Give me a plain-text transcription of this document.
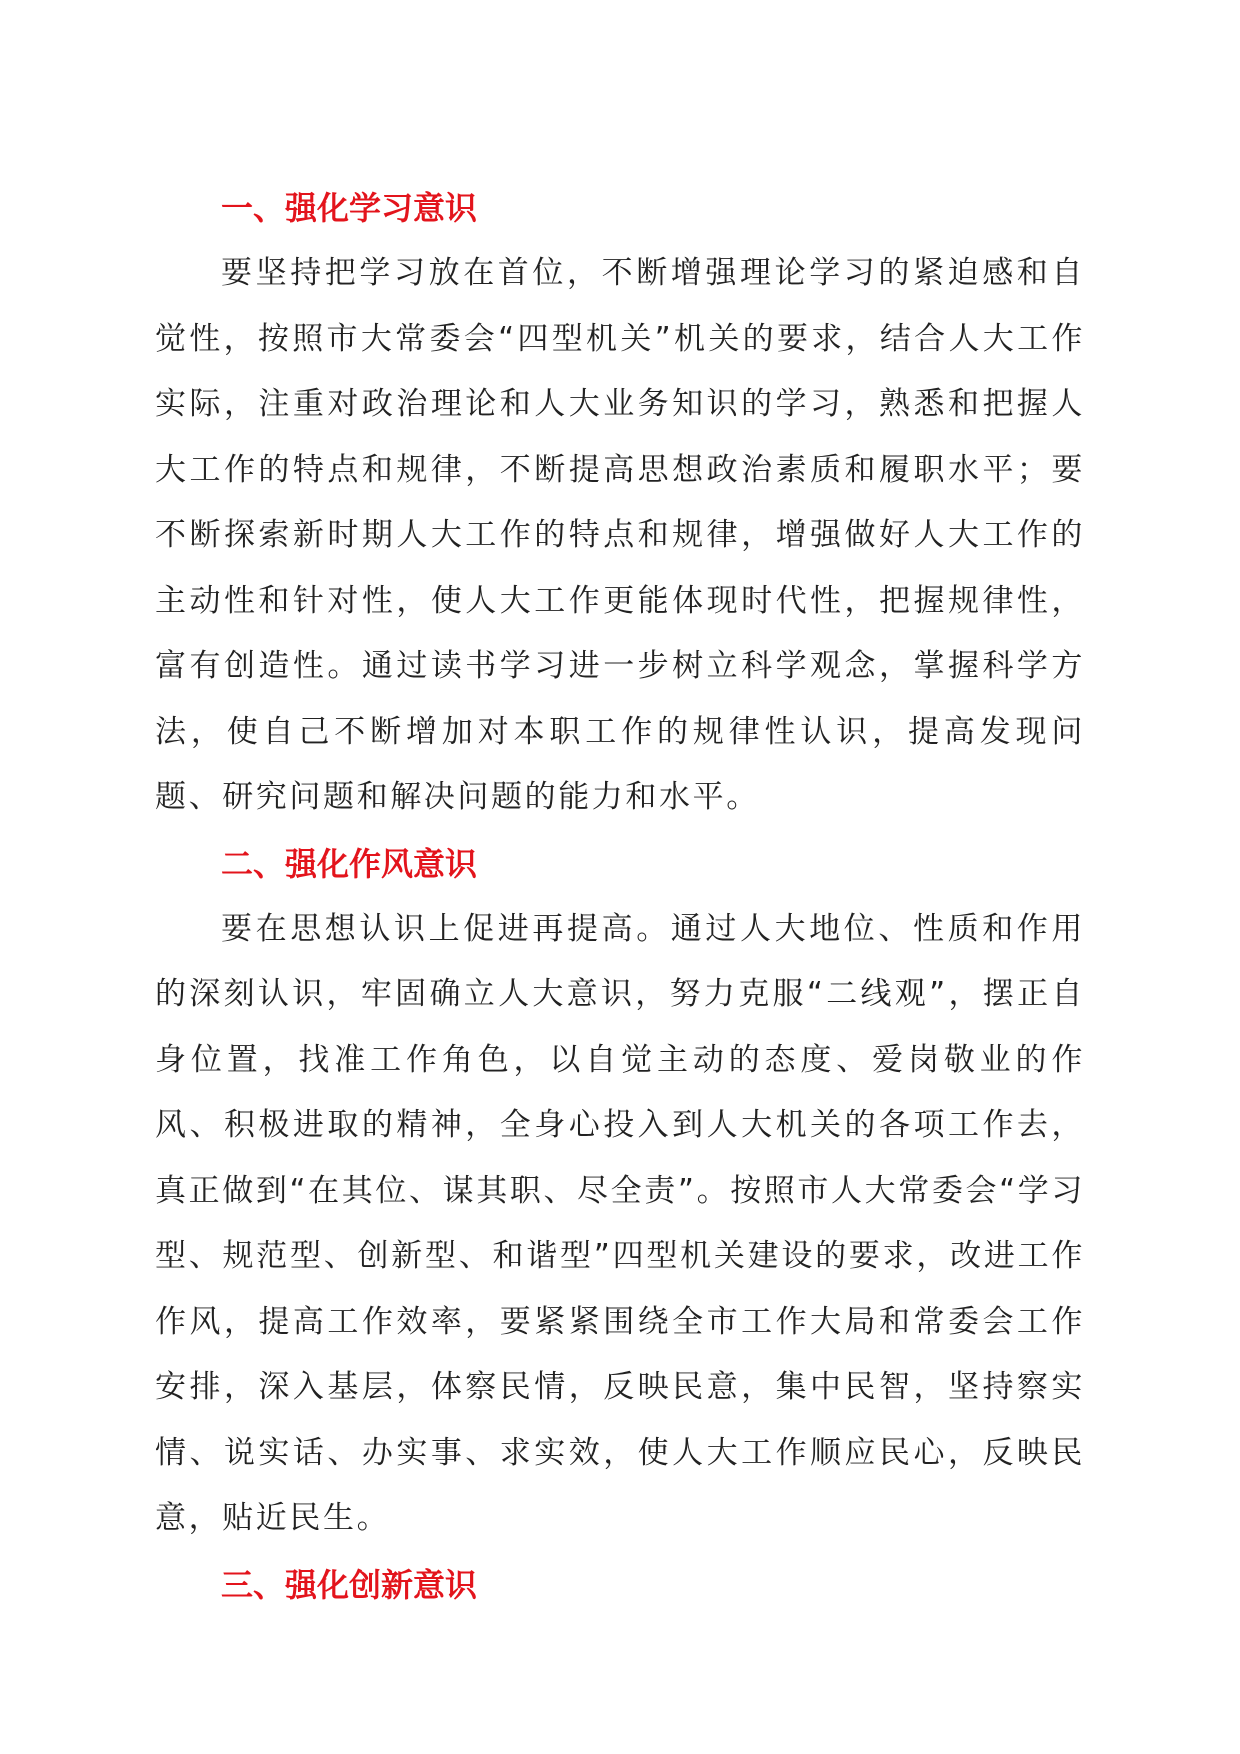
一、强化学习意识

要坚持把学习放在首位，不断增强理论学习的紧迫感和自觉性，按照市大常委会“四型机关”机关的要求，结合人大工作实际，注重对政治理论和人大业务知识的学习，熟悉和把握人大工作的特点和规律，不断提高思想政治素质和履职水平；要不断探索新时期人大工作的特点和规律，增强做好人大工作的主动性和针对性，使人大工作更能体现时代性，把握规律性，富有创造性。通过读书学习进一步树立科学观念，掌握科学方法，使自己不断增加对本职工作的规律性认识，提高发现问题、研究问题和解决问题的能力和水平。

二、强化作风意识

要在思想认识上促进再提高。通过人大地位、性质和作用的深刻认识，牢固确立人大意识，努力克服“二线观”，摆正自身位置，找准工作角色，以自觉主动的态度、爱岗敬业的作风、积极进取的精神，全身心投入到人大机关的各项工作去，真正做到“在其位、谋其职、尽全责”。按照市人大常委会“学习型、规范型、创新型、和谐型”四型机关建设的要求，改进工作作风，提高工作效率，要紧紧围绕全市工作大局和常委会工作安排，深入基层，体察民情，反映民意，集中民智，坚持察实情、说实话、办实事、求实效，使人大工作顺应民心，反映民意，贴近民生。

三、强化创新意识
